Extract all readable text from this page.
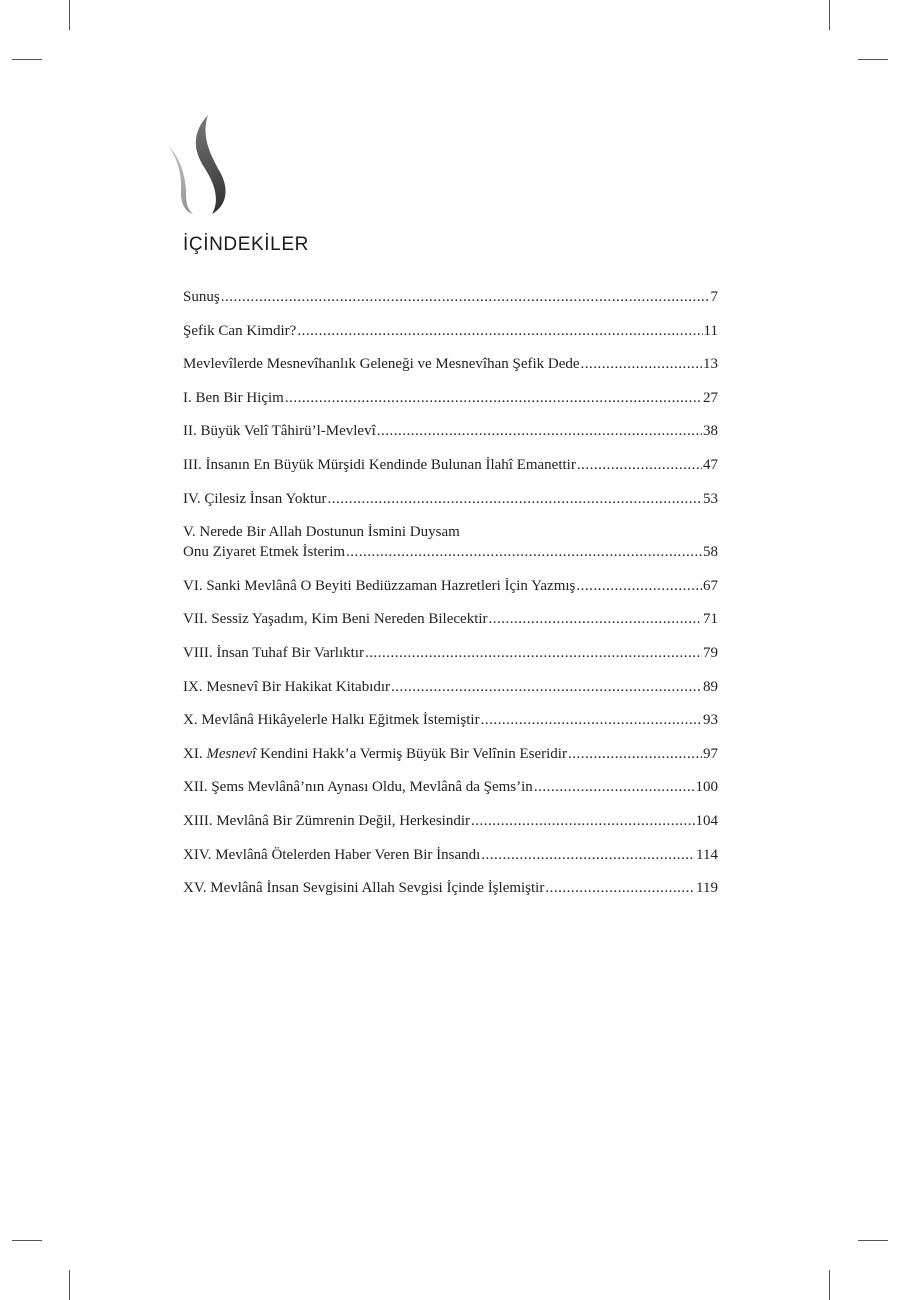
İÇİNDEKİLER
Sunuş .....	7
Şefik Can Kimdir? .....	11
Mevlevîlerde Mesnevîhanlık Geleneği ve Mesnevîhan Şefik Dede .....	13
I. Ben Bir Hiçim .....	27
II. Büyük Velî Tâhirü’l-Mevlevî .....	38
III. İnsanın En Büyük Mürşidi Kendinde Bulunan İlahî Emanettir .....	47
IV. Çilesiz İnsan Yoktur .....	53
V. Nerede Bir Allah Dostunun İsmini Duysam
Onu Ziyaret Etmek İsterim .....	58
VI. Sanki Mevlânâ O Beyiti Bediüzzaman Hazretleri İçin Yazmış .....	67
VII. Sessiz Yaşadım, Kim Beni Nereden Bilecektir .....	71
VIII. İnsan Tuhaf Bir Varlıktır .....	79
IX. Mesnevî Bir Hakikat Kitabıdır .....	89
X. Mevlânâ Hikâyelerle Halkı Eğitmek İstemiştir .....	93
XI. Mesnevî Kendini Hakk’a Vermiş Büyük Bir Velînin Eseridir .....	97
XII. Şems Mevlânâ’nın Aynası Oldu, Mevlânâ da Şems’in .....	100
XIII. Mevlânâ Bir Zümrenin Değil, Herkesindir .....	104
XIV. Mevlânâ Ötelerden Haber Veren Bir İnsandı .....	114
XV. Mevlânâ İnsan Sevgisini Allah Sevgisi İçinde İşlemiştir .....	119
